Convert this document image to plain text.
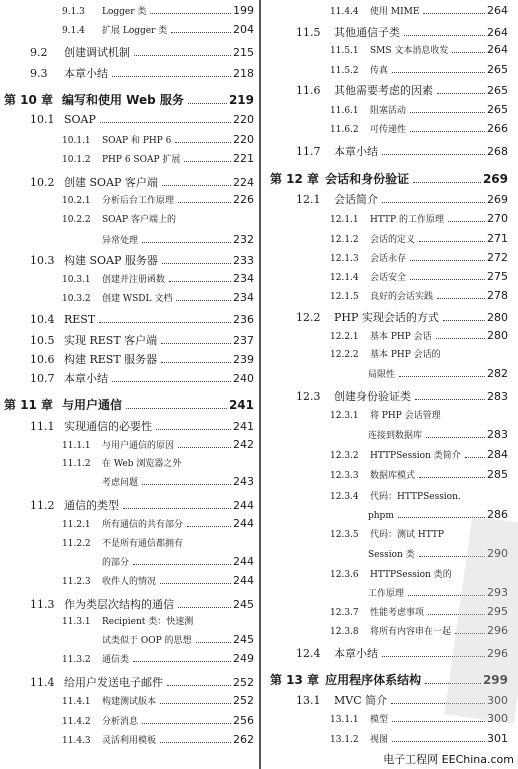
9.1.3	Logger 类	199
9.1.4	扩展 Logger 类	204
9.2	创建调试机制	215
9.3	本章小结	218
第 10 章 编写和使用 Web 服务	219
10.1 SOAP	220
10.1.1	SOAP 和 PHP 6	220
10.1.2	PHP 6 SOAP 扩展	221
10.2 创建 SOAP 客户端	224
10.2.1	分析后台工作原理	226
10.2.2	SOAP 客户端上的
异常处理	232
10.3 构建 SOAP 服务器	233
10.3.1	创建并注册函数	234
10.3.2	创建 WSDL 文档	234
10.4 REST	236
10.5 实现 REST 客户端	237
10.6 构建 REST 服务器	239
10.7 本章小结	240
第 11 章 与用户通信	241
11.1 实现通信的必要性	241
11.1.1	与用户通信的原因	242
11.1.2	在 Web 浏览器之外
考虑问题	243
11.2 通信的类型	244
11.2.1	所有通信的共有部分	244
11.2.2	不是所有通信都拥有
的部分	244
11.2.3	收件人的情况	244
11.3 作为类层次结构的通信	245
11.3.1	Recipient 类：快速测
试类似于 OOP 的思想	245
11.3.2	通信类	249
11.4 给用户发送电子邮件	252
11.4.1	构建测试版本	252
11.4.2	分析消息	256
11.4.3	灵活利用模板	262
11.4.4	使用 MIME	264
11.5	其他通信子类	264
11.5.1	SMS 文本消息收发	264
11.5.2	传真	265
11.6	其他需要考虑的因素	265
11.6.1	阻塞活动	265
11.6.2	可传递性	266
11.7	本章小结	268
第 12 章 会话和身份验证	269
12.1	会话简介	269
12.1.1	HTTP 的工作原理	270
12.1.2	会话的定义	271
12.1.3	会话永存	272
12.1.4	会话安全	275
12.1.5	良好的会话实践	278
12.2	PHP 实现会话的方式	280
12.2.1	基本 PHP 会话	280
12.2.2	基本 PHP 会话的
局限性	282
12.3	创建身份验证类	283
12.3.1	将 PHP 会话管理
连接到数据库	283
12.3.2	HTTPSession 类简介 284
12.3.3	数据库模式	285
12.3.4	代码：HTTPSession.
phpm	286
12.3.5	代码：测试 HTTP
Session 类	290
12.3.6	HTTPSession 类的
工作原理	293
12.3.7	性能考虑事项	295
12.3.8	将所有内容串在一起	296
12.4	本章小结	296
第 13 章 应用程序体系结构	299
13.1	MVC 简介	300
13.1.1	模型	300
13.1.2	视图	301
电子工程网 EEChina.com
